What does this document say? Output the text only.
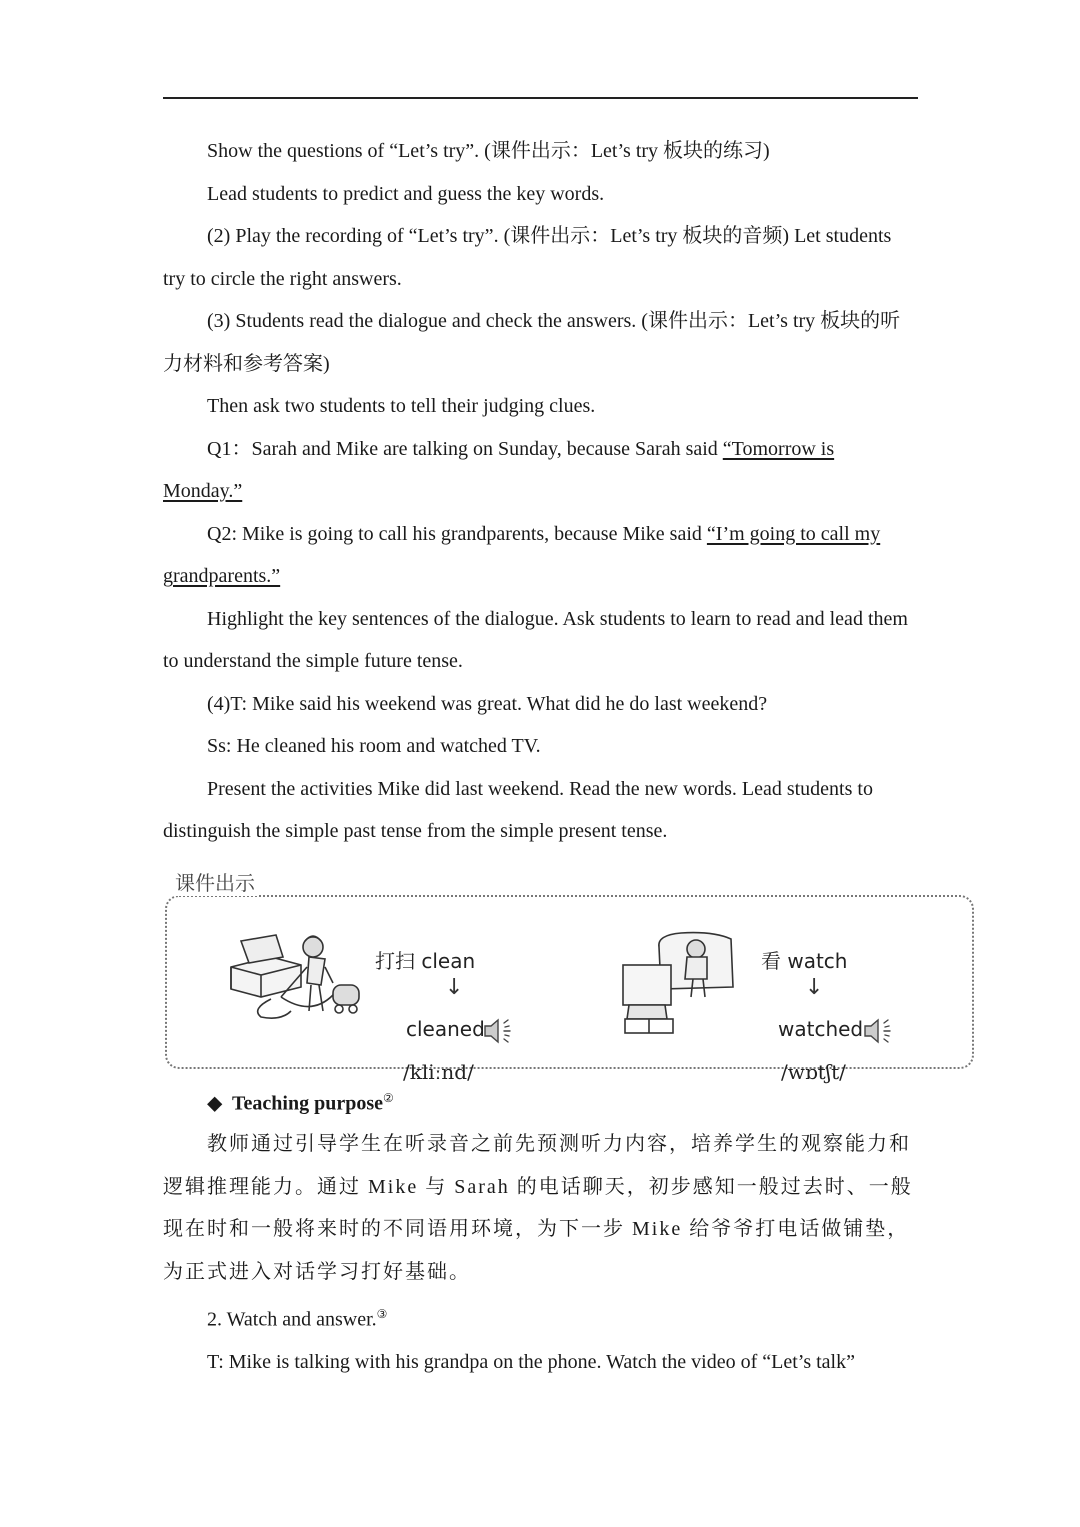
Show the questions of “Let’s try”. (课件出示：Let’s try 板块的练习)

Lead students to predict and guess the key words.

(2) Play the recording of “Let’s try”. (课件出示：Let’s try 板块的音频) Let students try to circle the right answers.

(3) Students read the dialogue and check the answers. (课件出示：Let’s try 板块的听力材料和参考答案)

Then ask two students to tell their judging clues.

Q1：Sarah and Mike are talking on Sunday, because Sarah said “Tomorrow is Monday.”

Q2: Mike is going to call his grandparents, because Mike said “I’m going to call my grandparents.”

Highlight the key sentences of the dialogue. Ask students to learn to read and lead them to understand the simple future tense.

(4)T: Mike said his weekend was great. What did he do last weekend?

Ss: He cleaned his room and watched TV.

Present the activities Mike did last weekend. Read the new words. Lead students to distinguish the simple past tense from the simple present tense.

课件出示
打扫 clean
↓
cleaned
/kliːnd/
看 watch
↓
watched
/wɒtʃt/

◆ Teaching purpose②

教师通过引导学生在听录音之前先预测听力内容，培养学生的观察能力和逻辑推理能力。通过 Mike 与 Sarah 的电话聊天，初步感知一般过去时、一般现在时和一般将来时的不同语用环境，为下一步 Mike 给爷爷打电话做铺垫，为正式进入对话学习打好基础。

2. Watch and answer.③

T: Mike is talking with his grandpa on the phone. Watch the video of “Let’s talk”
